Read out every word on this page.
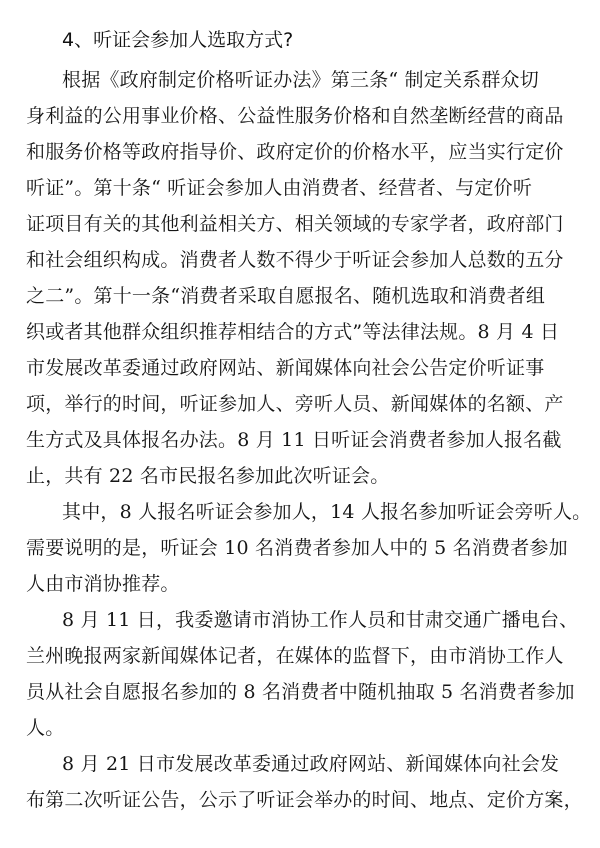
4、听证会参加人选取方式?
根据《政府制定价格听证办法》第三条“ 制定关系群众切
身利益的公用事业价格、公益性服务价格和自然垄断经营的商品
和服务价格等政府指导价、政府定价的价格水平，应当实行定价
听证”。第十条“ 听证会参加人由消费者、经营者、与定价听
证项目有关的其他利益相关方、相关领域的专家学者，政府部门
和社会组织构成。消费者人数不得少于听证会参加人总数的五分
之二”。第十一条“消费者采取自愿报名、随机选取和消费者组
织或者其他群众组织推荐相结合的方式”等法律法规。8 月 4 日
市发展改革委通过政府网站、新闻媒体向社会公告定价听证事
项，举行的时间，听证参加人、旁听人员、新闻媒体的名额、产
生方式及具体报名办法。8 月 11 日听证会消费者参加人报名截
止，共有 22 名市民报名参加此次听证会。
其中，8 人报名听证会参加人，14 人报名参加听证会旁听人。
需要说明的是，听证会 10 名消费者参加人中的 5 名消费者参加
人由市消协推荐。
8 月 11 日，我委邀请市消协工作人员和甘肃交通广播电台、
兰州晚报两家新闻媒体记者，在媒体的监督下，由市消协工作人
员从社会自愿报名参加的 8 名消费者中随机抽取 5 名消费者参加
人。
8 月 21 日市发展改革委通过政府网站、新闻媒体向社会发
布第二次听证公告，公示了听证会举办的时间、地点、定价方案，
